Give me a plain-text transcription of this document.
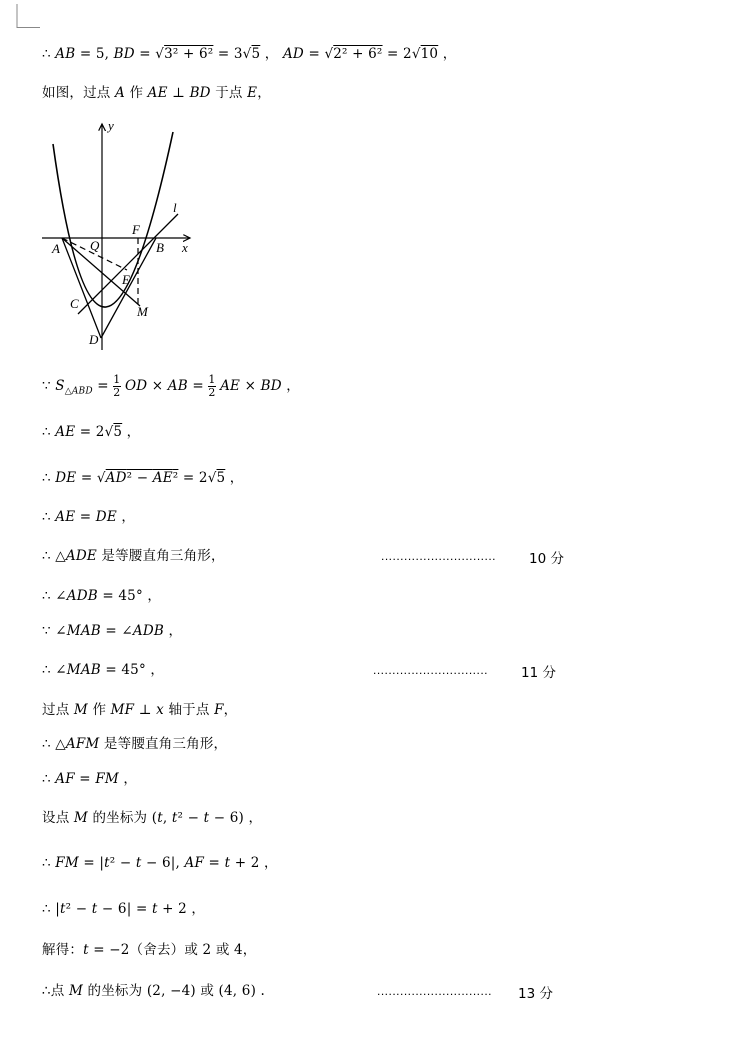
∴ AB = 5, BD = √3² + 6² = 3√5 ， AD = √2² + 6² = 2√10 ，
如图，过点 A 作 AE ⊥ BD 于点 E，
y
x
l
A Q
F
B
E
C
M
D
∵ $S_{\triangle ABD} = 1$

2 OD × AB = 1

2 AE × BD ，
∴ AE = 2√5 ，
∴ DE = √AD² − AE² = 2√5 ，
∴ AE = DE ，
∴ △ADE 是等腰直角三角形，	.............................. 10 分
∴ ∠ADB = 45° ，
∵ ∠MAB = ∠ADB ，
∴ ∠MAB = 45° ，	.............................. 11 分
过点 M 作 MF ⊥ x 轴于点 F，
∴ △AFM 是等腰直角三角形，
∴ AF = FM ，
设点 M 的坐标为 (t, t² − t − 6) ，
∴ FM = |t² − t − 6|, AF = t + 2 ，
∴ |t² − t − 6| = t + 2 ，
解得：t = −2（舍去）或 2 或 4，
∴点 M 的坐标为 (2, −4) 或 (4, 6) .	.............................. 13 分
